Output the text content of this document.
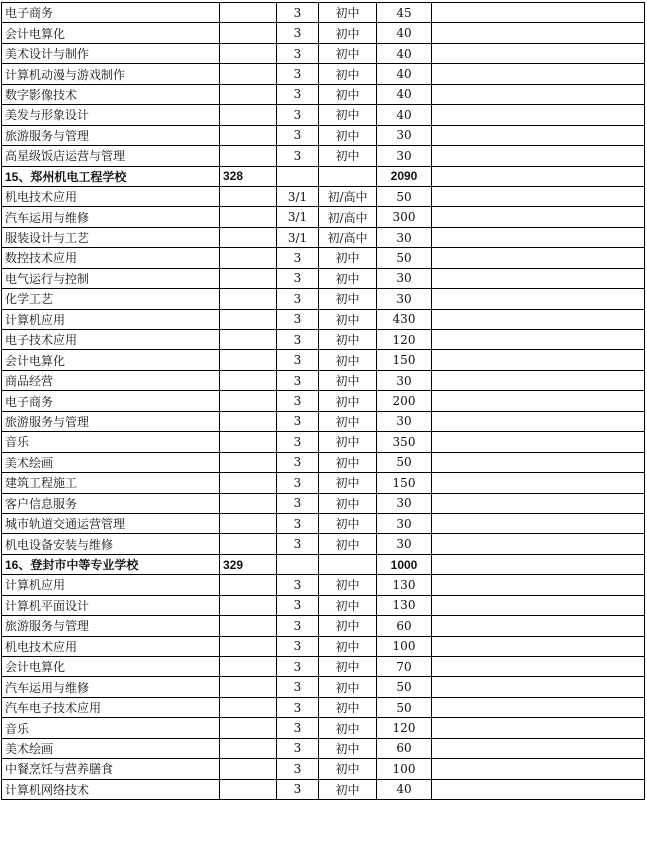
电子商务		3	初中	45	
会计电算化		3	初中	40	
美术设计与制作		3	初中	40	
计算机动漫与游戏制作		3	初中	40	
数字影像技术		3	初中	40	
美发与形象设计		3	初中	40	
旅游服务与管理		3	初中	30	
高星级饭店运营与管理		3	初中	30	
15、郑州机电工程学校	328			2090	
机电技术应用		3/1	初/高中	50	
汽车运用与维修		3/1	初/高中	300	
服装设计与工艺		3/1	初/高中	30	
数控技术应用		3	初中	50	
电气运行与控制		3	初中	30	
化学工艺		3	初中	30	
计算机应用		3	初中	430	
电子技术应用		3	初中	120	
会计电算化		3	初中	150	
商品经营		3	初中	30	
电子商务		3	初中	200	
旅游服务与管理		3	初中	30	
音乐		3	初中	350	
美术绘画		3	初中	50	
建筑工程施工		3	初中	150	
客户信息服务		3	初中	30	
城市轨道交通运营管理		3	初中	30	
机电设备安装与维修		3	初中	30	
16、登封市中等专业学校	329			1000	
计算机应用		3	初中	130	
计算机平面设计		3	初中	130	
旅游服务与管理		3	初中	60	
机电技术应用		3	初中	100	
会计电算化		3	初中	70	
汽车运用与维修		3	初中	50	
汽车电子技术应用		3	初中	50	
音乐		3	初中	120	
美术绘画		3	初中	60	
中餐烹饪与营养膳食		3	初中	100	
计算机网络技术		3	初中	40	
